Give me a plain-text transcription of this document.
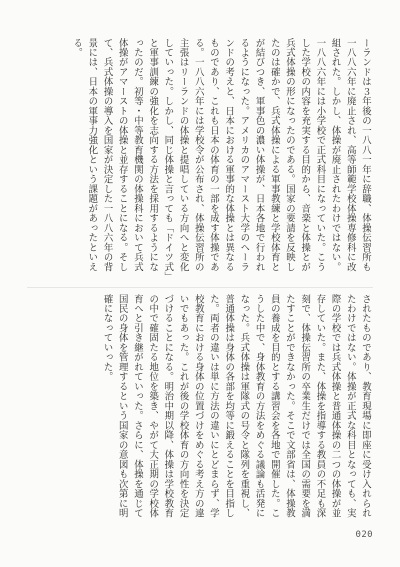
ーランドは３年後の一八八一年に辞職、体操伝習所も一八八六年に廃止され、高等師範学校体操専修科に改組された。しかし、体操が廃止されたわけではない。一八八六年には小学校で正式科目になっていた。こうした学校の内容を充実する目的から、音楽と体操とが兵式体操の形になったのである。国家の要請を反映したのは確かで、兵式体操による軍事教練と学校体育とが結びつき、軍事色の濃い体操が、日本各地で行われるようになった。アメリカのアマースト大学のヘーランドの考えと、日本における軍事的な体操とは異なるものであり、これも日本の体育の一部を成す体操である。一八八六年には学校令が公布され、体操伝習所の主張はリーランドの体操と提唱している方向へと変化していった。しかし、同じ体操と言っても「ドイツ式」と軍事訓練の強化を志向する方法を採用するようになったのだ。初等・中等教育機関の体操科において兵式体操がアマーストの体操と並存することになる。そして、兵式体操の導入を国家が決定した一八八六年の背景には、日本の軍事力強化という課題があったといえる。
されたものであり、教育現場に即座に受け入れられたわけではない。体操が正式な科目となっても、実際の学校では兵式体操と普通体操の二つの体操が並存していた。また、体操を指導する教員の不足も深刻で、体操伝習所の卒業生だけでは全国の需要を満たすことができなかった。そこで文部省は、体操教員の養成を目的とする講習会を各地で開催した。こうした中で、身体教育の方法をめぐる議論も活発になった。兵式体操は軍隊式の号令と隊列を重視し、普通体操は身体の各部を均等に鍛えることを目指した。両者の違いは単に方法の違いにとどまらず、学校教育における身体の位置づけをめぐる考え方の違いでもあった。これが後の学校体育の方向性を決定づけることになる。明治中期以降、体操は学校教育の中で確固たる地位を築き、やがて大正期の学校体育へと引き継がれていった。さらに、体操を通じて国民の身体を管理するという国家の意図も次第に明確になっていった。
020
